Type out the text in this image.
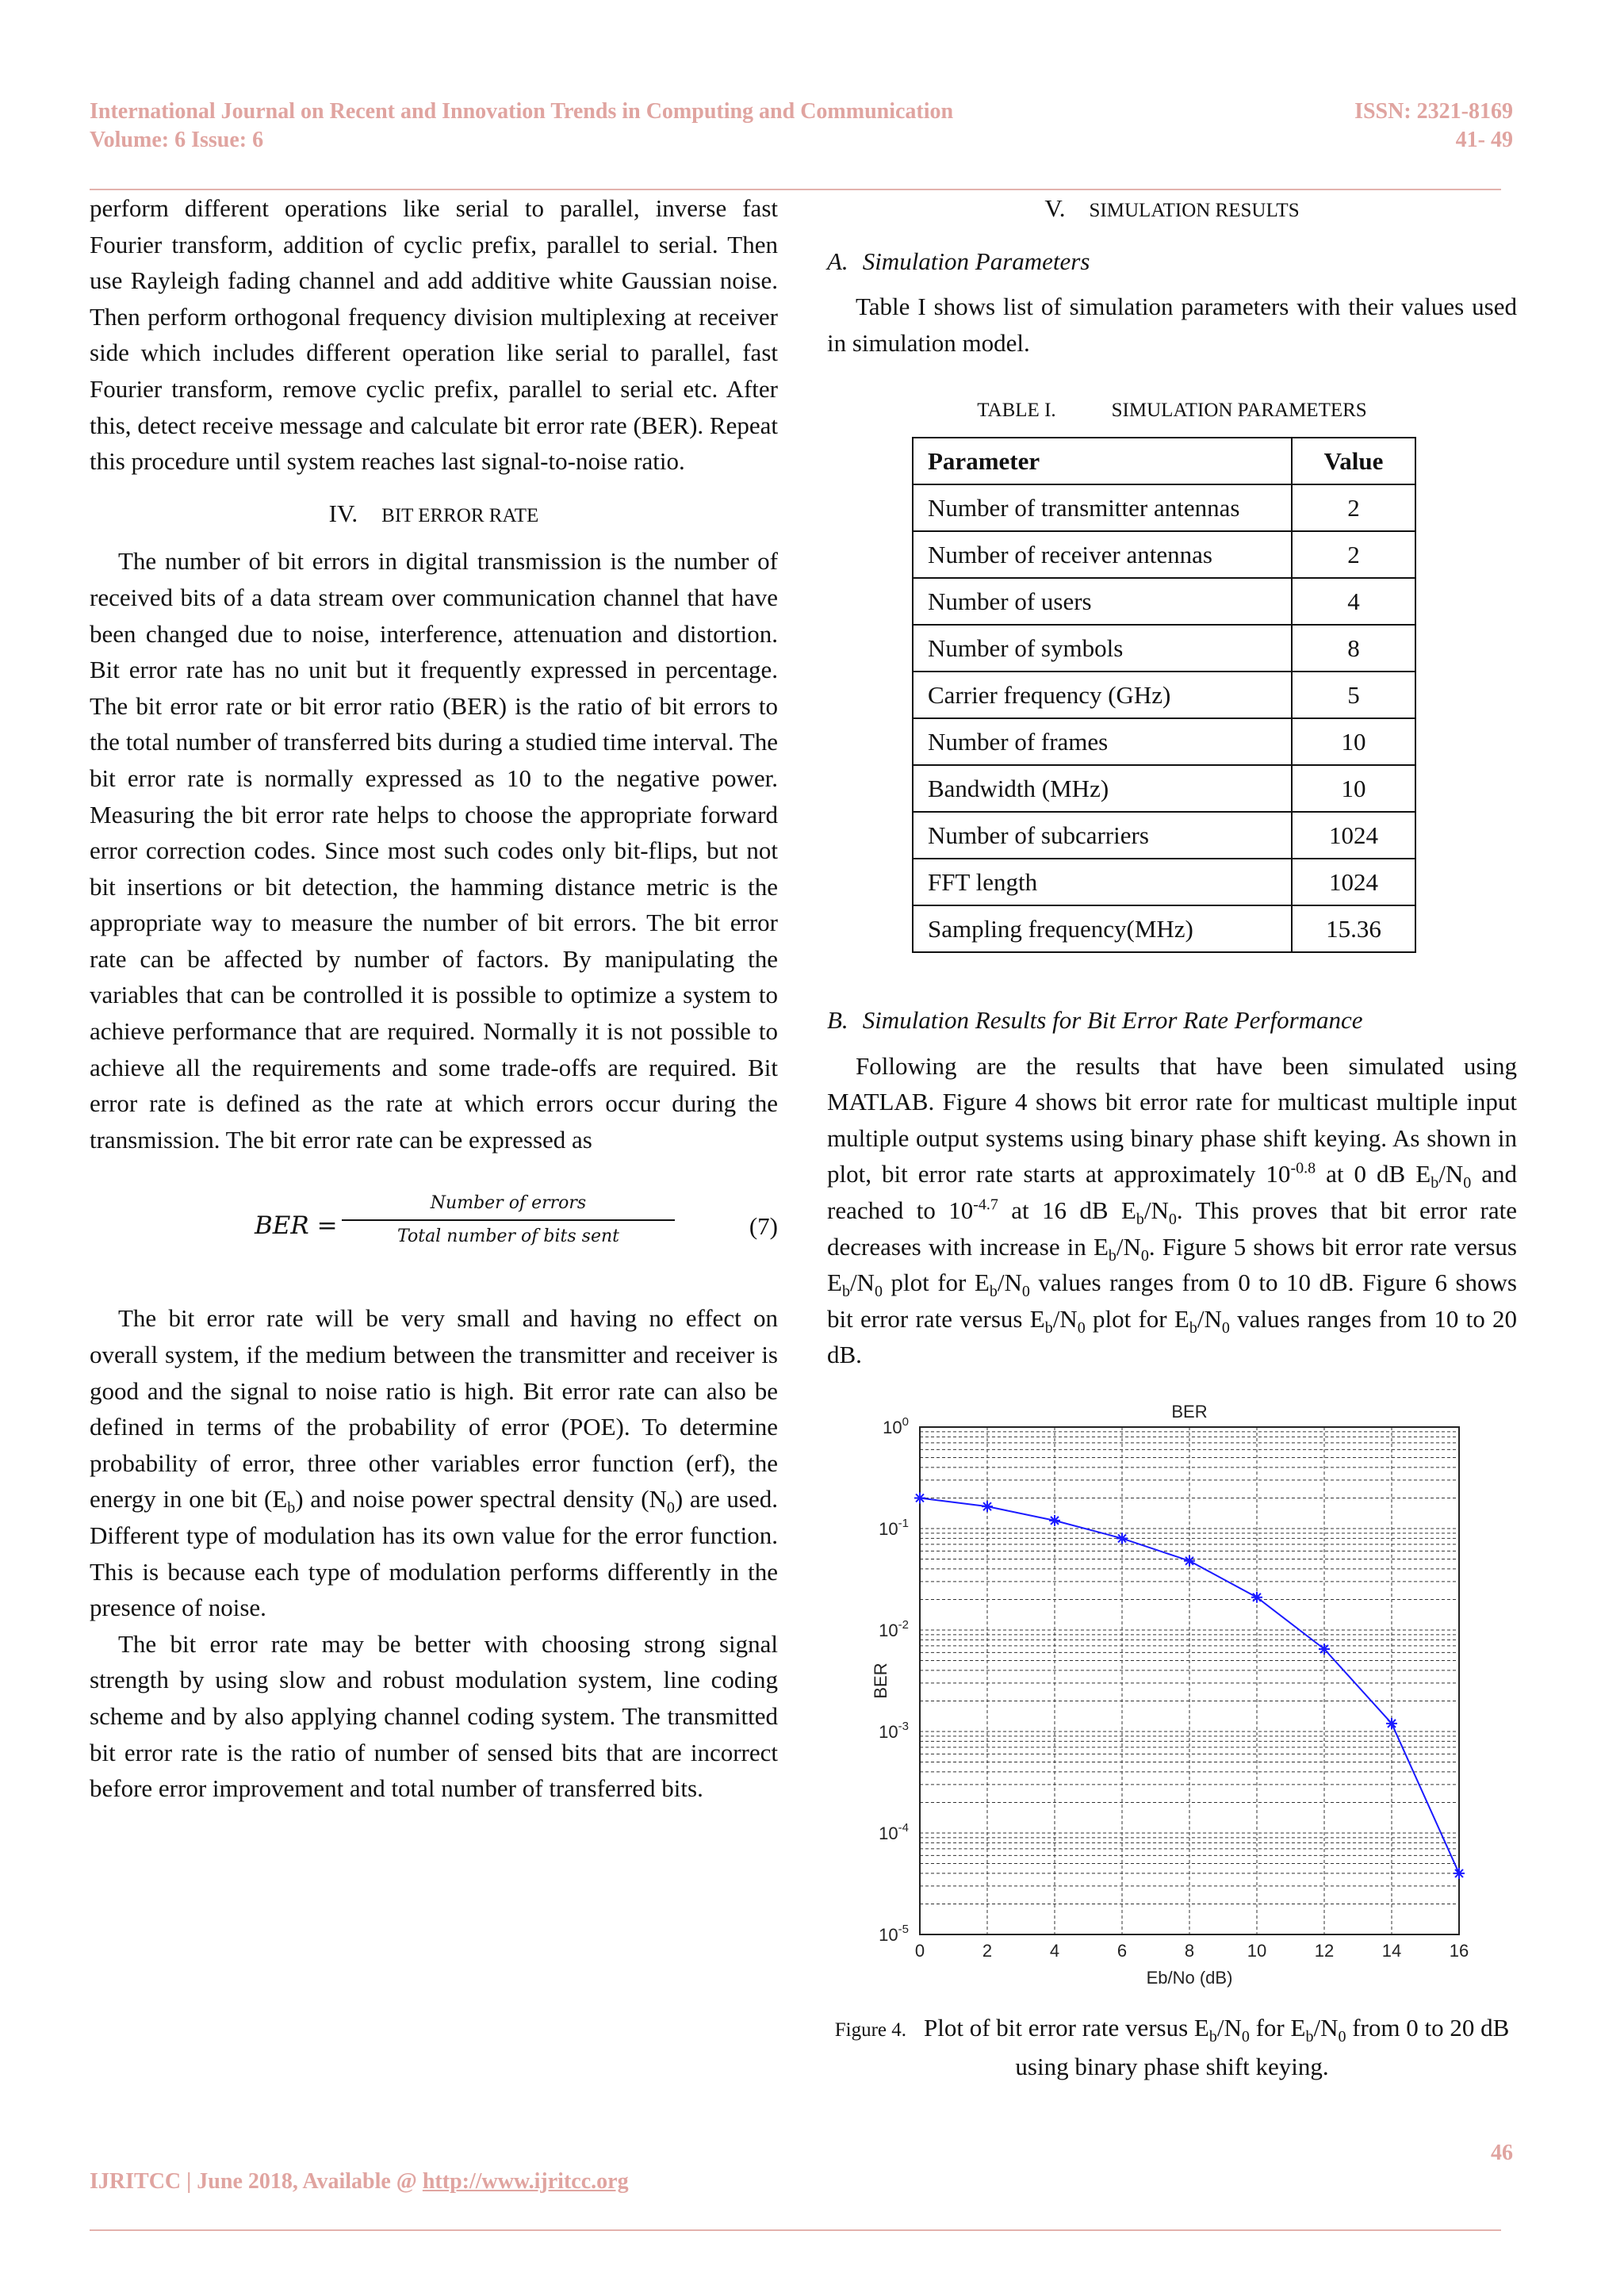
International Journal on Recent and Innovation Trends in Computing and Communication
Volume: 6 Issue: 6
ISSN: 2321-8169
41- 49

perform different operations like serial to parallel, inverse fast Fourier transform, addition of cyclic prefix, parallel to serial. Then use Rayleigh fading channel and add additive white Gaussian noise. Then perform orthogonal frequency division multiplexing at receiver side which includes different operation like serial to parallel, fast Fourier transform, remove cyclic prefix, parallel to serial etc. After this, detect receive message and calculate bit error rate (BER). Repeat this procedure until system reaches last signal-to-noise ratio.

IV. BIT ERROR RATE

The number of bit errors in digital transmission is the number of received bits of a data stream over communication channel that have been changed due to noise, interference, attenuation and distortion. Bit error rate has no unit but it frequently expressed in percentage. The bit error rate or bit error ratio (BER) is the ratio of bit errors to the total number of transferred bits during a studied time interval. The bit error rate is normally expressed as 10 to the negative power. Measuring the bit error rate helps to choose the appropriate forward error correction codes. Since most such codes only bit-flips, but not bit insertions or bit detection, the hamming distance metric is the appropriate way to measure the number of bit errors. The bit error rate can be affected by number of factors. By manipulating the variables that can be controlled it is possible to optimize a system to achieve performance that are required. Normally it is not possible to achieve all the requirements and some trade-offs are required. Bit error rate is defined as the rate at which errors occur during the transmission. The bit error rate can be expressed as

BER =
Number of errors
Total number of bits sent	(7)

The bit error rate will be very small and having no effect on overall system, if the medium between the transmitter and receiver is good and the signal to noise ratio is high. Bit error rate can also be defined in terms of the probability of error (POE). To determine probability of error, three other variables error function (erf), the energy in one bit $(E_b)$ and noise power spectral density $(N_0)$ are used. Different type of modulation has its own value for the error function. This is because each type of modulation performs differently in the presence of noise.

The bit error rate may be better with choosing strong signal strength by using slow and robust modulation system, line coding scheme and by also applying channel coding system. The transmitted bit error rate is the ratio of number of sensed bits that are incorrect before error improvement and total number of transferred bits.

V. SIMULATION RESULTS
A. Simulation Parameters

Table I shows list of simulation parameters with their values used in simulation model.

TABLE I.	SIMULATION PARAMETERS
Parameter	Value
Number of transmitter antennas	2
Number of receiver antennas	2
Number of users	4
Number of symbols	8
Carrier frequency (GHz)	5
Number of frames	10
Bandwidth (MHz)	10
Number of subcarriers	1024
FFT length	1024
Sampling frequency(MHz)	15.36
B. Simulation Results for Bit Error Rate Performance

Following are the results that have been simulated using MATLAB. Figure 4 shows bit error rate for multicast multiple input multiple output systems using binary phase shift keying. As shown in plot, bit error rate starts at approximately $10^{-0.8}$ at 0 dB $E_b/N_0$ and reached to $10^{-4.7}$ at 16 dB $E_b/N_0$. This proves that bit error rate decreases with increase in $E_b/N_0$. Figure 5 shows bit error rate versus $E_b/N_0$ plot for $E_b/N_0$ values ranges from 0 to 10 dB. Figure 6 shows bit error rate versus $E_b/N_0$ plot for $E_b/N_0$ values ranges from 10 to 20 dB.

BER
0	2	4	6	8	10	12	14	16
$10^0$
$10^{-1}$
$10^{-2}$
$10^{-3}$
$10^{-4}$
$10^{-5}$
Eb/No (dB)
BER
Figure 4. Plot of bit error rate versus $E_b/N_0$ for $E_b/N_0$ from 0 to 20 dB using binary phase shift keying.
46
IJRITCC | June 2018, Available @ http://www.ijritcc.org
